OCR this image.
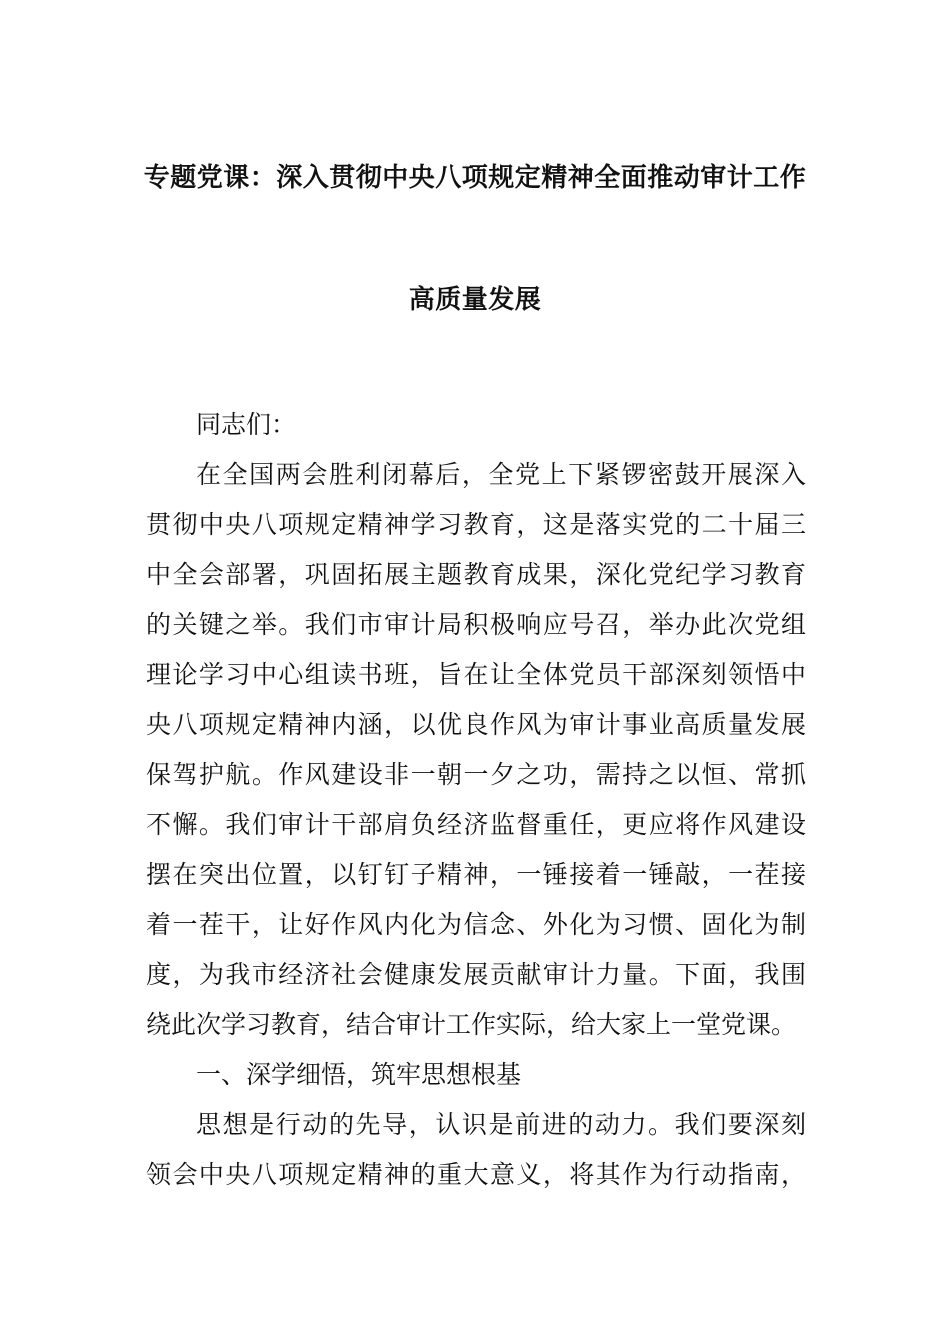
专题党课：深入贯彻中央八项规定精神全面推动审计工作
高质量发展
同志们：
在全国两会胜利闭幕后，全党上下紧锣密鼓开展深入
贯彻中央八项规定精神学习教育，这是落实党的二十届三
中全会部署，巩固拓展主题教育成果，深化党纪学习教育
的关键之举。我们市审计局积极响应号召，举办此次党组
理论学习中心组读书班，旨在让全体党员干部深刻领悟中
央八项规定精神内涵，以优良作风为审计事业高质量发展
保驾护航。作风建设非一朝一夕之功，需持之以恒、常抓
不懈。我们审计干部肩负经济监督重任，更应将作风建设
摆在突出位置，以钉钉子精神，一锤接着一锤敲，一茬接
着一茬干，让好作风内化为信念、外化为习惯、固化为制
度，为我市经济社会健康发展贡献审计力量。下面，我围
绕此次学习教育，结合审计工作实际，给大家上一堂党课。
一、深学细悟，筑牢思想根基
思想是行动的先导，认识是前进的动力。我们要深刻
领会中央八项规定精神的重大意义，将其作为行动指南，
